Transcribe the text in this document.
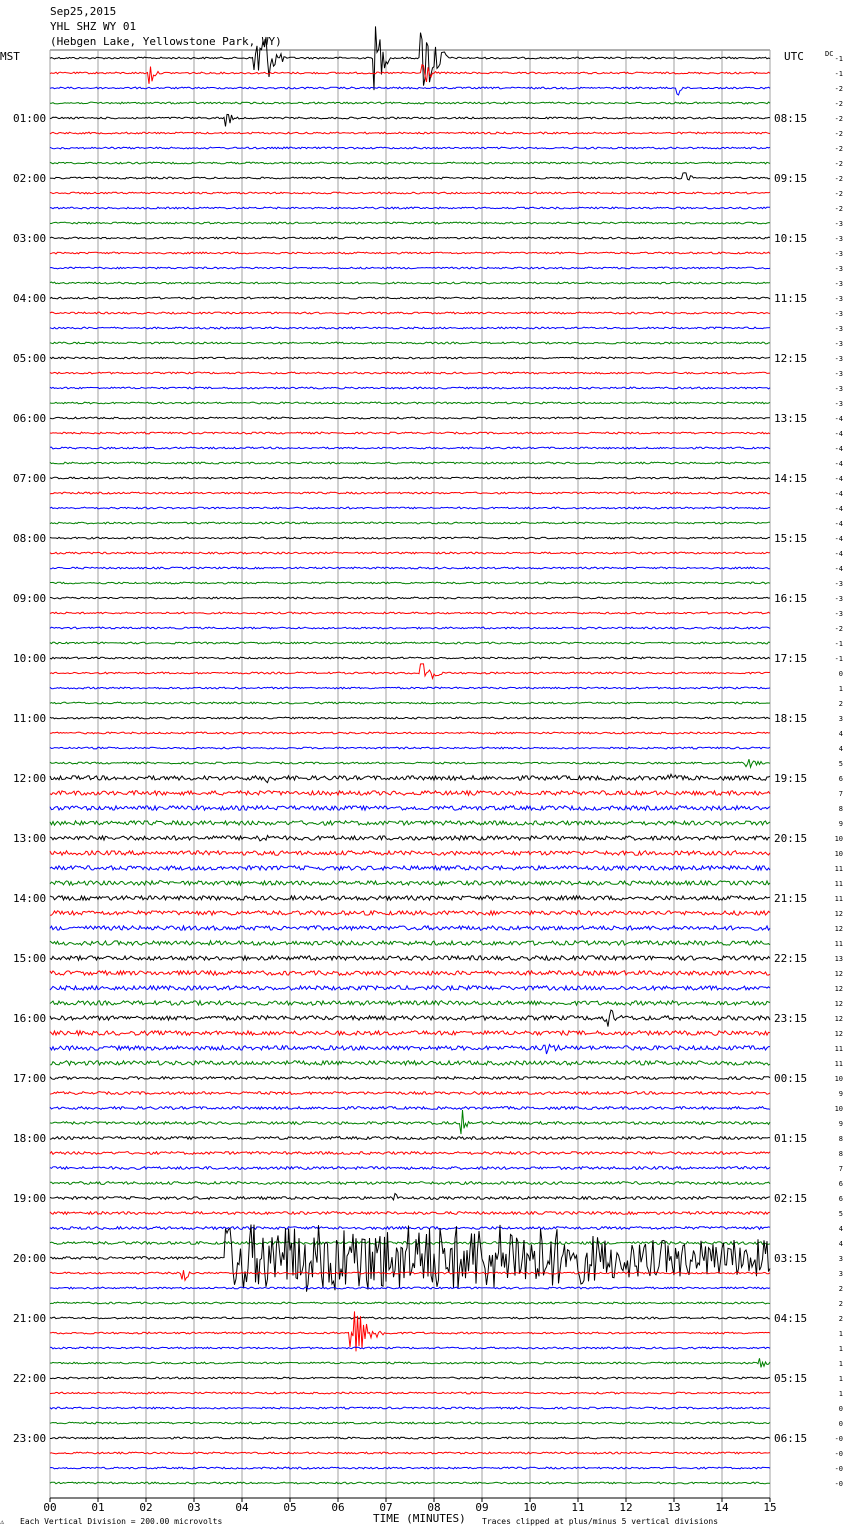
00	01	02	03	04	05	06	07	08	09	10	11	12	13	14	15
-1
-1
-2
-2
-2
-2
-2
-2
-2
-2
-2
-3
-3
-3
-3
-3
-3
-3
-3
-3
-3
-3
-3
-3
-4
-4
-4
-4
-4
-4
-4
-4
-4
-4
-4
-3
-3
-3
-2
-1
-1
0
1
2
3
4
4
5
6
7
8
9
10
10
11
11
11
12
12
11
13
12
12
12
12
12
11
11
10
9
10
9
8
8
7
6
6
5
4
4
3
3
2
2
2
1
1
1
1
1
0
0
-0
-0
-0
-0
01:00
02:00
03:00
04:00
05:00
06:00
07:00
08:00
09:00
10:00
11:00
12:00
13:00
14:00
15:00
16:00
17:00
18:00
19:00
20:00
21:00
22:00
23:00
08:15
09:15
10:15
11:15
12:15
13:15
14:15
15:15
16:15
17:15
18:15
19:15
20:15
21:15
22:15
23:15
00:15
01:15
02:15
03:15
04:15
05:15
06:15
Sep25,2015
YHL SHZ WY 01
(Hebgen Lake, Yellowstone Park, WY)
MST	UTC	DC
TIME (MINUTES)
⚠ Each Vertical Division = 200.00 microvolts	Traces clipped at plus/minus 5 vertical divisions
